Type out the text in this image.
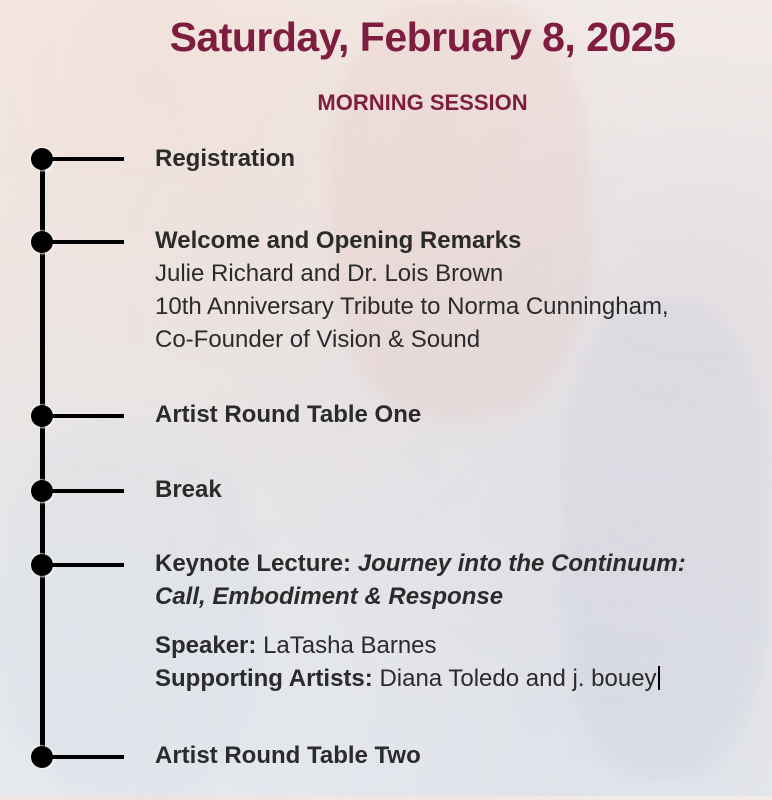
Saturday, February 8, 2025
MORNING SESSION
Registration
Welcome and Opening Remarks
Julie Richard and Dr. Lois Brown
10th Anniversary Tribute to Norma Cunningham,
Co-Founder of Vision & Sound
Artist Round Table One
Break
Keynote Lecture: Journey into the Continuum:
Call, Embodiment & Response
Speaker: LaTasha Barnes
Supporting Artists: Diana Toledo and j. bouey
Artist Round Table Two
